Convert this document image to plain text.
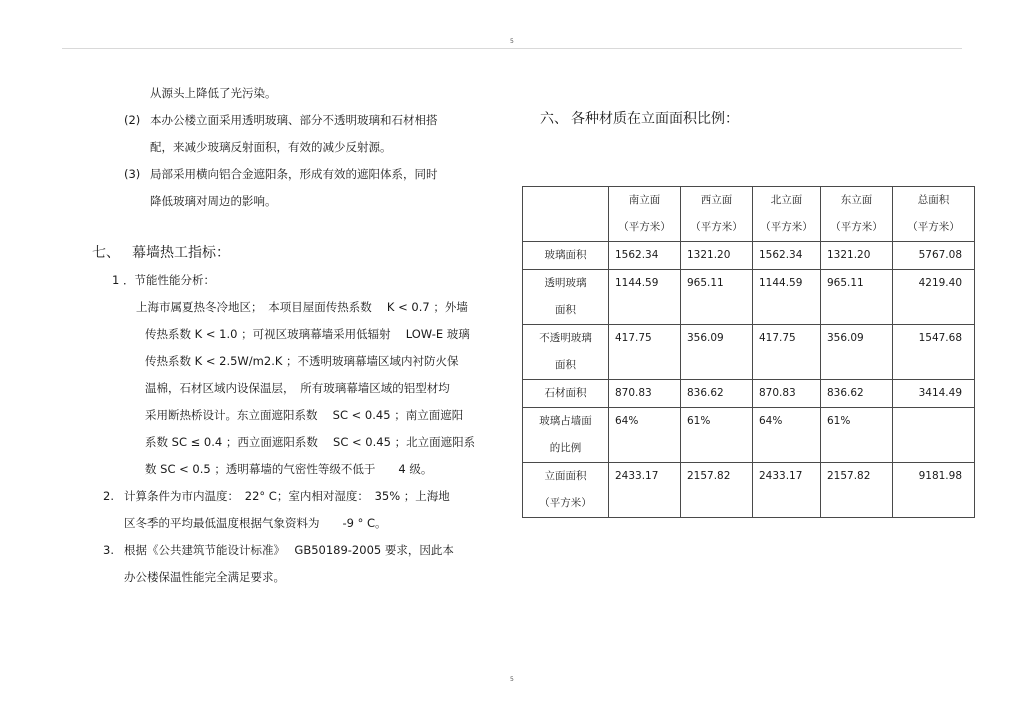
5
从源头上降低了光污染。
(2) 本办公楼立面采用透明玻璃、部分不透明玻璃和石材相搭
配，来减少玻璃反射面积，有效的减少反射源。
(3) 局部采用横向铝合金遮阳条，形成有效的遮阳体系，同时
降低玻璃对周边的影响。
七、 幕墙热工指标：
1 ．节能性能分析：
上海市属夏热冬冷地区；　本项目屋面传热系数　 K < 0.7 ；外墙
传热系数 K < 1.0 ；可视区玻璃幕墙采用低辐射　 LOW-E 玻璃
传热系数 K < 2.5W/m2.K ；不透明玻璃幕墙区域内衬防火保
温棉，石材区域内设保温层，　所有玻璃幕墙区域的铝型材均
采用断热桥设计。东立面遮阳系数　 SC < 0.45 ；南立面遮阳
系数 SC ≤ 0.4 ；西立面遮阳系数　 SC < 0.45 ；北立面遮阳系
数 SC < 0.5 ；透明幕墙的气密性等级不低于　　4 级。
2. 计算条件为市内温度：　22° C；室内相对湿度：　35% ；上海地
区冬季的平均最低温度根据气象资料为　　-9 ° C。
3. 根据《公共建筑节能设计标准》　 GB50189-2005 要求，因此本
办公楼保温性能完全满足要求。
六、 各种材质在立面面积比例：

	南立面
（平方米）	西立面
（平方米）	北立面
（平方米）	东立面
（平方米）	总面积
（平方米）

玻璃面积	1562.34	1321.20	1562.34	1321.20	5767.08

透明玻璃
面积	1144.59	965.11	1144.59	965.11	4219.40

不透明玻璃
面积	417.75	356.09	417.75	356.09	1547.68

石材面积	870.83	836.62	870.83	836.62	3414.49

玻璃占墙面
的比例	64%	61%	64%	61%	

立面面积
（平方米）	2433.17	2157.82	2433.17	2157.82	9181.98
5
